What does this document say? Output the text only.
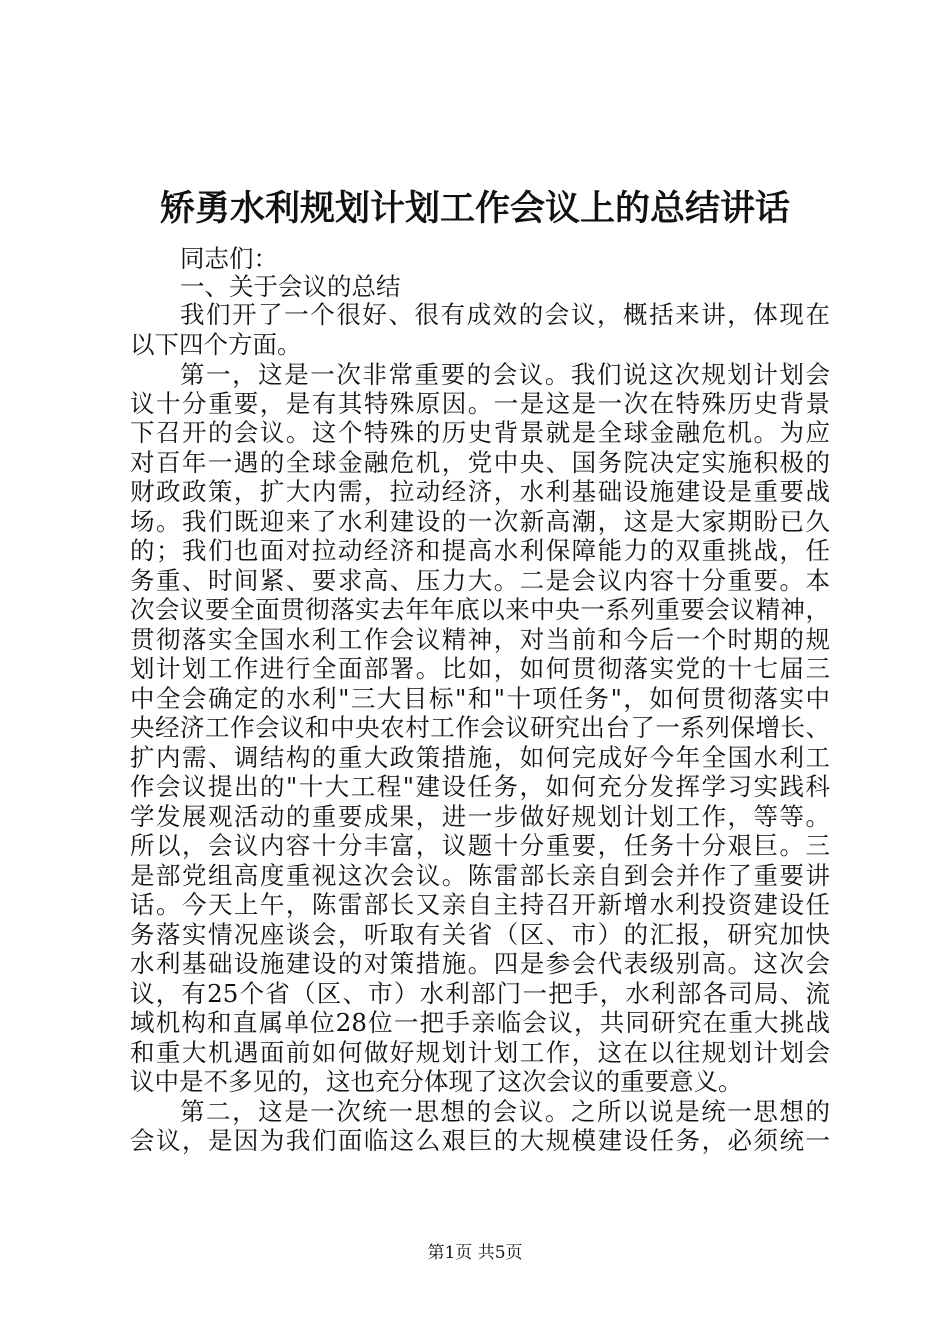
矫勇水利规划计划工作会议上的总结讲话
同志们：
一、关于会议的总结
我们开了一个很好、很有成效的会议，概括来讲，体现在
以下四个方面。
第一，这是一次非常重要的会议。我们说这次规划计划会
议十分重要，是有其特殊原因。一是这是一次在特殊历史背景
下召开的会议。这个特殊的历史背景就是全球金融危机。为应
对百年一遇的全球金融危机，党中央、国务院决定实施积极的
财政政策，扩大内需，拉动经济，水利基础设施建设是重要战
场。我们既迎来了水利建设的一次新高潮，这是大家期盼已久
的；我们也面对拉动经济和提高水利保障能力的双重挑战，任
务重、时间紧、要求高、压力大。二是会议内容十分重要。本
次会议要全面贯彻落实去年年底以来中央一系列重要会议精神，
贯彻落实全国水利工作会议精神，对当前和今后一个时期的规
划计划工作进行全面部署。比如，如何贯彻落实党的十七届三
中全会确定的水利"三大目标"和"十项任务"，如何贯彻落实中
央经济工作会议和中央农村工作会议研究出台了一系列保增长、
扩内需、调结构的重大政策措施，如何完成好今年全国水利工
作会议提出的"十大工程"建设任务，如何充分发挥学习实践科
学发展观活动的重要成果，进一步做好规划计划工作，等等。
所以，会议内容十分丰富，议题十分重要，任务十分艰巨。三
是部党组高度重视这次会议。陈雷部长亲自到会并作了重要讲
话。今天上午，陈雷部长又亲自主持召开新增水利投资建设任
务落实情况座谈会，听取有关省（区、市）的汇报，研究加快
水利基础设施建设的对策措施。四是参会代表级别高。这次会
议，有25个省（区、市）水利部门一把手，水利部各司局、流
域机构和直属单位28位一把手亲临会议，共同研究在重大挑战
和重大机遇面前如何做好规划计划工作，这在以往规划计划会
议中是不多见的，这也充分体现了这次会议的重要意义。
第二，这是一次统一思想的会议。之所以说是统一思想的
会议，是因为我们面临这么艰巨的大规模建设任务，必须统一
第1页 共5页
